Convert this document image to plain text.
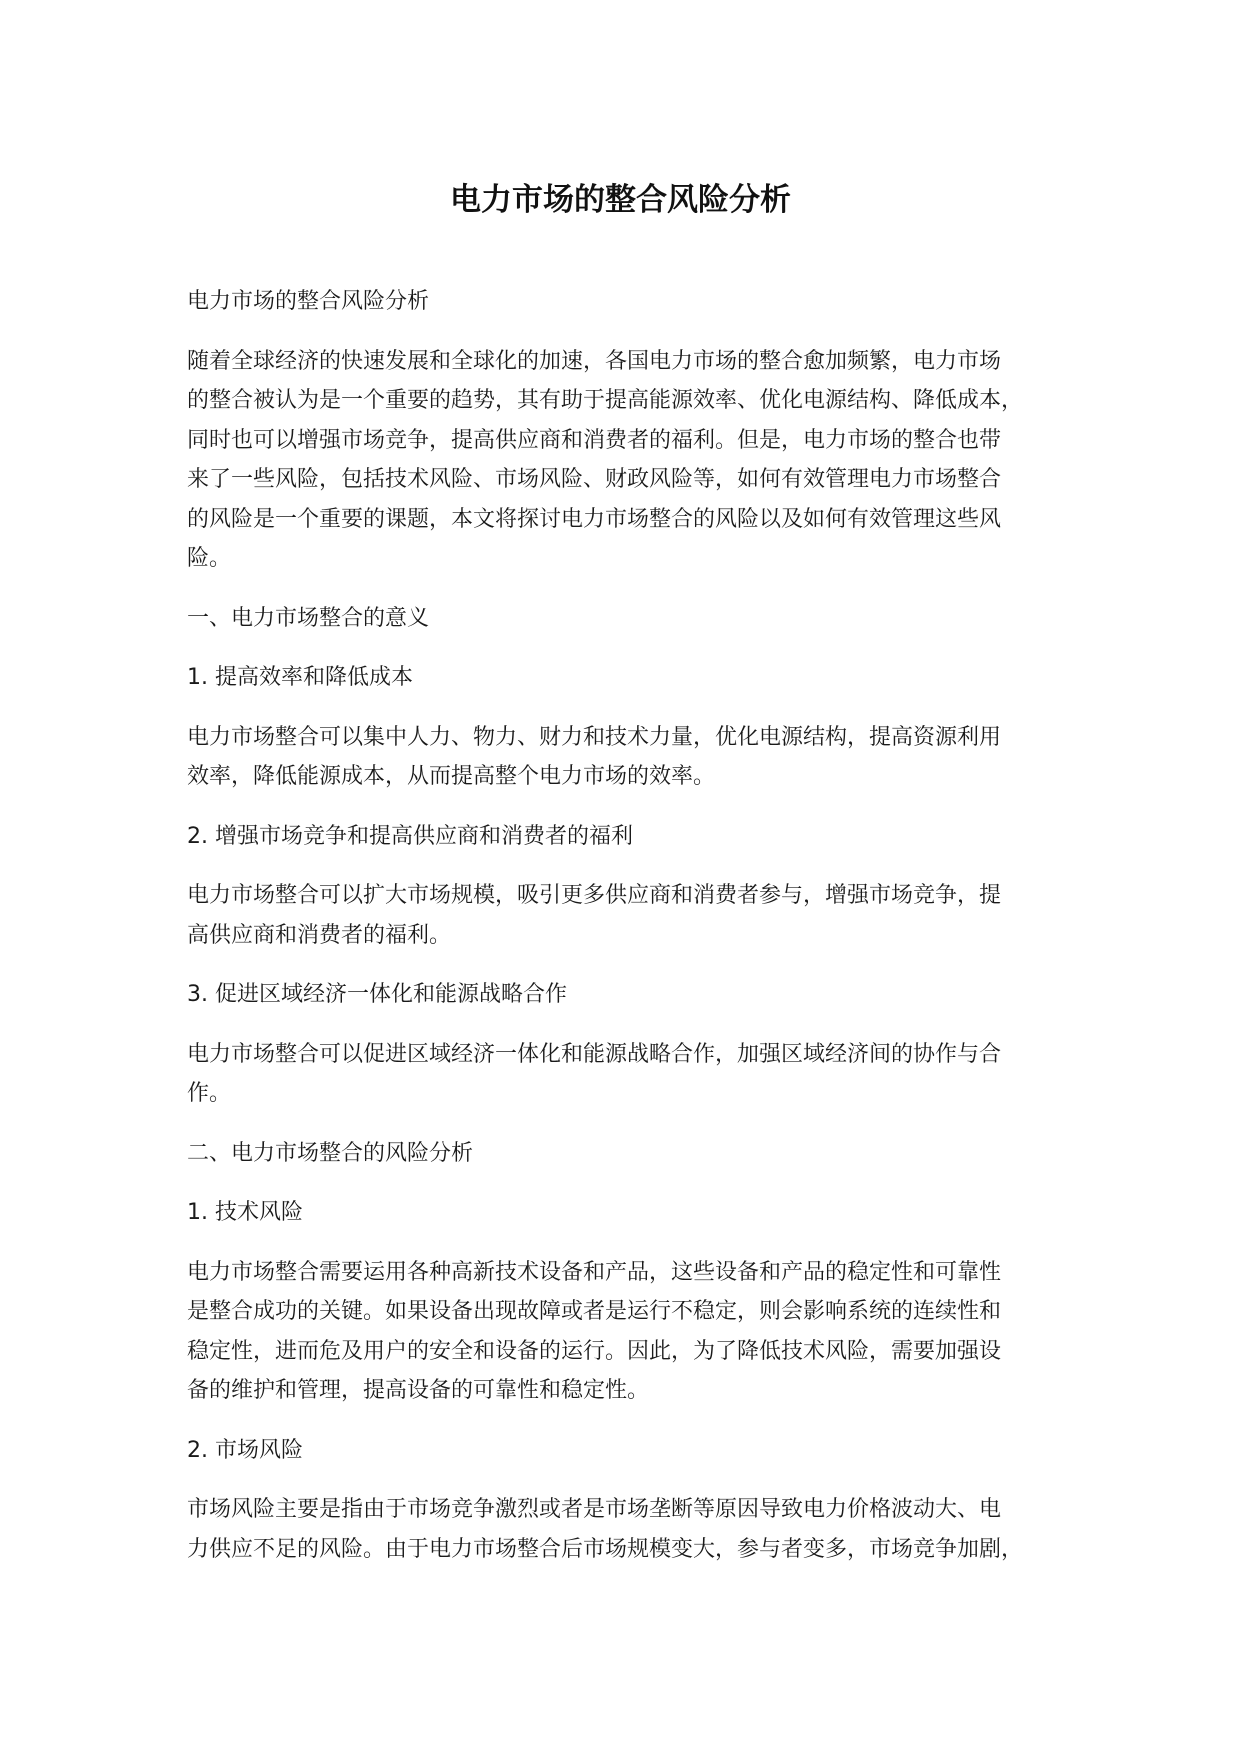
电力市场的整合风险分析

电力市场的整合风险分析

随着全球经济的快速发展和全球化的加速，各国电力市场的整合愈加频繁，电力市场
的整合被认为是一个重要的趋势，其有助于提高能源效率、优化电源结构、降低成本，
同时也可以增强市场竞争，提高供应商和消费者的福利。但是，电力市场的整合也带
来了一些风险，包括技术风险、市场风险、财政风险等，如何有效管理电力市场整合
的风险是一个重要的课题，本文将探讨电力市场整合的风险以及如何有效管理这些风
险。

一、电力市场整合的意义

1. 提高效率和降低成本

电力市场整合可以集中人力、物力、财力和技术力量，优化电源结构，提高资源利用
效率，降低能源成本，从而提高整个电力市场的效率。

2. 增强市场竞争和提高供应商和消费者的福利

电力市场整合可以扩大市场规模，吸引更多供应商和消费者参与，增强市场竞争，提
高供应商和消费者的福利。

3. 促进区域经济一体化和能源战略合作

电力市场整合可以促进区域经济一体化和能源战略合作，加强区域经济间的协作与合
作。

二、电力市场整合的风险分析

1. 技术风险

电力市场整合需要运用各种高新技术设备和产品，这些设备和产品的稳定性和可靠性
是整合成功的关键。如果设备出现故障或者是运行不稳定，则会影响系统的连续性和
稳定性，进而危及用户的安全和设备的运行。因此，为了降低技术风险，需要加强设
备的维护和管理，提高设备的可靠性和稳定性。

2. 市场风险

市场风险主要是指由于市场竞争激烈或者是市场垄断等原因导致电力价格波动大、电
力供应不足的风险。由于电力市场整合后市场规模变大，参与者变多，市场竞争加剧，
